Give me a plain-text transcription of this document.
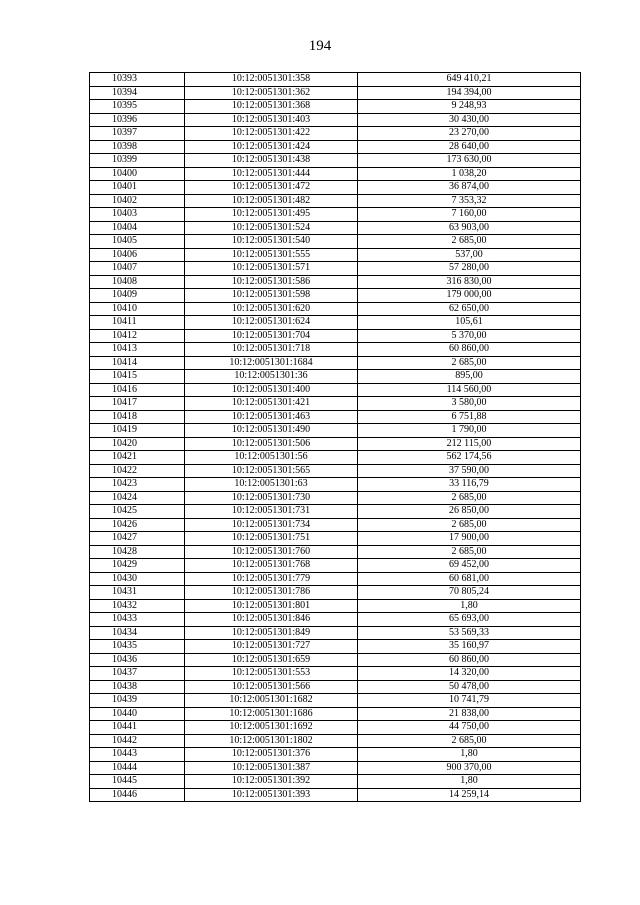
194
10393	10:12:0051301:358	649 410,21
10394	10:12:0051301:362	194 394,00
10395	10:12:0051301:368	9 248,93
10396	10:12:0051301:403	30 430,00
10397	10:12:0051301:422	23 270,00
10398	10:12:0051301:424	28 640,00
10399	10:12:0051301:438	173 630,00
10400	10:12:0051301:444	1 038,20
10401	10:12:0051301:472	36 874,00
10402	10:12:0051301:482	7 353,32
10403	10:12:0051301:495	7 160,00
10404	10:12:0051301:524	63 903,00
10405	10:12:0051301:540	2 685,00
10406	10:12:0051301:555	537,00
10407	10:12:0051301:571	57 280,00
10408	10:12:0051301:586	316 830,00
10409	10:12:0051301:598	179 000,00
10410	10:12:0051301:620	62 650,00
10411	10:12:0051301:624	105,61
10412	10:12:0051301:704	5 370,00
10413	10:12:0051301:718	60 860,00
10414	10:12:0051301:1684	2 685,00
10415	10:12:0051301:36	895,00
10416	10:12:0051301:400	114 560,00
10417	10:12:0051301:421	3 580,00
10418	10:12:0051301:463	6 751,88
10419	10:12:0051301:490	1 790,00
10420	10:12:0051301:506	212 115,00
10421	10:12:0051301:56	562 174,56
10422	10:12:0051301:565	37 590,00
10423	10:12:0051301:63	33 116,79
10424	10:12:0051301:730	2 685,00
10425	10:12:0051301:731	26 850,00
10426	10:12:0051301:734	2 685,00
10427	10:12:0051301:751	17 900,00
10428	10:12:0051301:760	2 685,00
10429	10:12:0051301:768	69 452,00
10430	10:12:0051301:779	60 681,00
10431	10:12:0051301:786	70 805,24
10432	10:12:0051301:801	1,80
10433	10:12:0051301:846	65 693,00
10434	10:12:0051301:849	53 569,33
10435	10:12:0051301:727	35 160,97
10436	10:12:0051301:659	60 860,00
10437	10:12:0051301:553	14 320,00
10438	10:12:0051301:566	50 478,00
10439	10:12:0051301:1682	10 741,79
10440	10:12:0051301:1686	21 838,00
10441	10:12:0051301:1692	44 750,00
10442	10:12:0051301:1802	2 685,00
10443	10:12:0051301:376	1,80
10444	10:12:0051301:387	900 370,00
10445	10:12:0051301:392	1,80
10446	10:12:0051301:393	14 259,14
